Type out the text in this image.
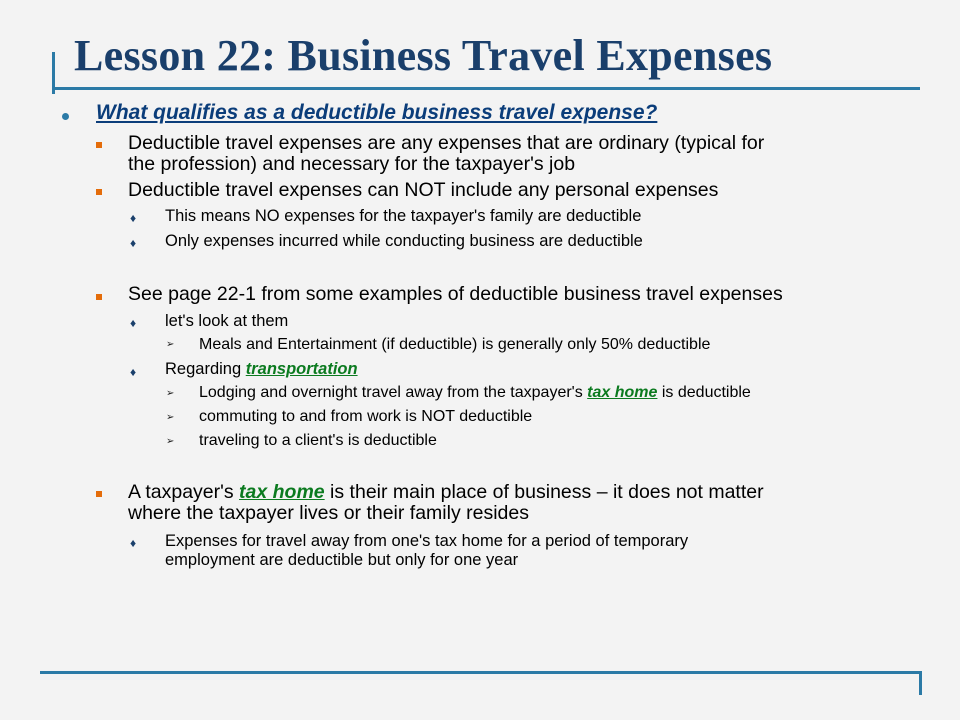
Lesson 22: Business Travel Expenses
What qualifies as a deductible business travel expense?
Deductible travel expenses are any expenses that are ordinary (typical for
the profession) and necessary for the taxpayer's job
Deductible travel expenses can NOT include any personal expenses
♦ This means NO expenses for the taxpayer's family are deductible
♦ Only expenses incurred while conducting business are deductible
See page 22-1 from some examples of deductible business travel expenses
♦ let's look at them
➢ Meals and Entertainment (if deductible) is generally only 50% deductible
♦ Regarding transportation
➢ Lodging and overnight travel away from the taxpayer's tax home is deductible
➢ commuting to and from work is NOT deductible
➢ traveling to a client's is deductible
A taxpayer's tax home is their main place of business – it does not matter
where the taxpayer lives or their family resides
♦ Expenses for travel away from one's tax home for a period of temporary
employment are deductible but only for one year
